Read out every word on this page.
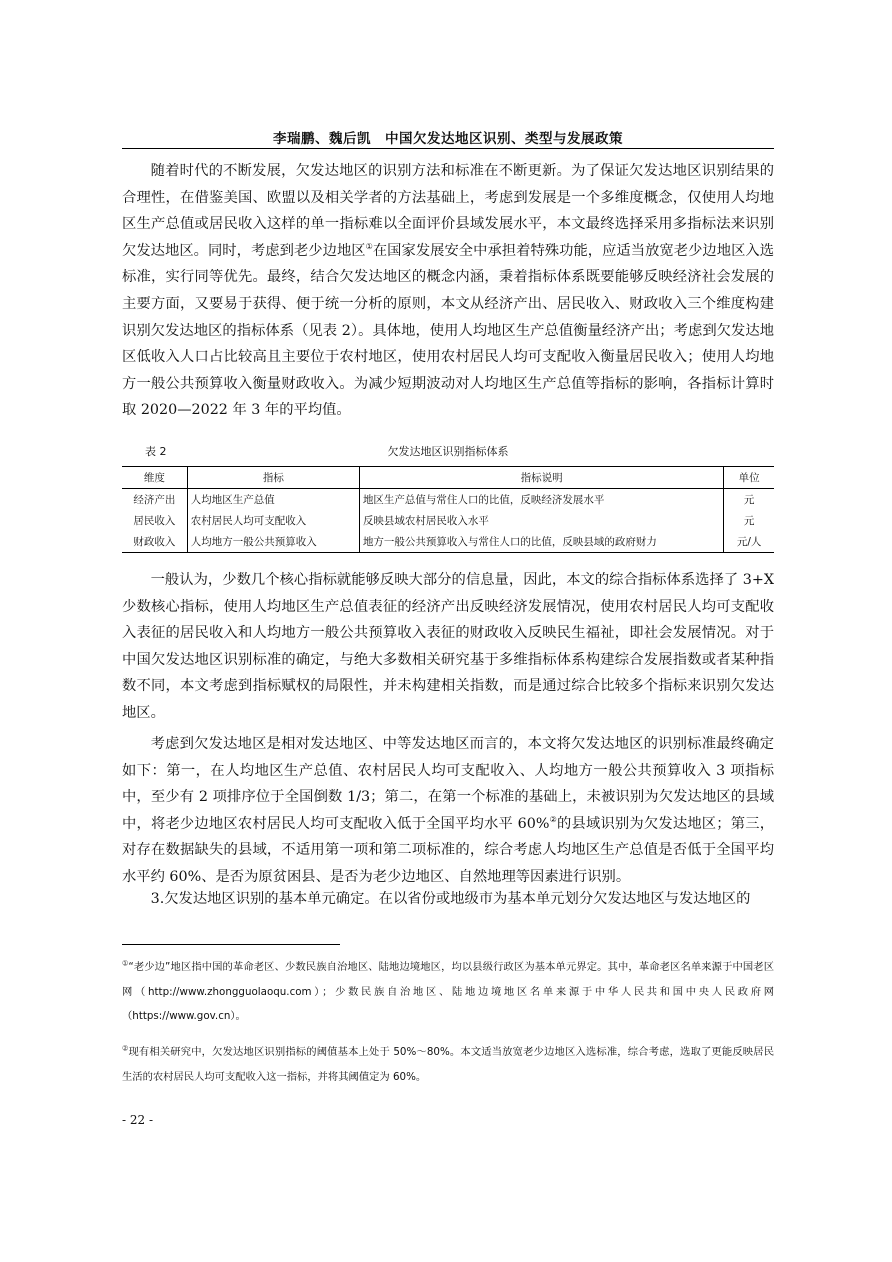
李瑞鹏、魏后凯　中国欠发达地区识别、类型与发展政策

随着时代的不断发展，欠发达地区的识别方法和标准在不断更新。为了保证欠发达地区识别结果的合理性，在借鉴美国、欧盟以及相关学者的方法基础上，考虑到发展是一个多维度概念，仅使用人均地区生产总值或居民收入这样的单一指标难以全面评价县域发展水平，本文最终选择采用多指标法来识别欠发达地区。同时，考虑到老少边地区①在国家发展安全中承担着特殊功能，应适当放宽老少边地区入选标准，实行同等优先。最终，结合欠发达地区的概念内涵，秉着指标体系既要能够反映经济社会发展的主要方面，又要易于获得、便于统一分析的原则，本文从经济产出、居民收入、财政收入三个维度构建识别欠发达地区的指标体系（见表 2）。具体地，使用人均地区生产总值衡量经济产出；考虑到欠发达地区低收入人口占比较高且主要位于农村地区，使用农村居民人均可支配收入衡量居民收入；使用人均地方一般公共预算收入衡量财政收入。为减少短期波动对人均地区生产总值等指标的影响，各指标计算时取 2020—2022 年 3 年的平均值。

表 2	欠发达地区识别指标体系
维度	指标	指标说明	单位
经济产出	人均地区生产总值	地区生产总值与常住人口的比值，反映经济发展水平	元
居民收入	农村居民人均可支配收入	反映县域农村居民收入水平	元
财政收入	人均地方一般公共预算收入	地方一般公共预算收入与常住人口的比值，反映县域的政府财力	元/人

一般认为，少数几个核心指标就能够反映大部分的信息量，因此，本文的综合指标体系选择了 3+X 少数核心指标，使用人均地区生产总值表征的经济产出反映经济发展情况，使用农村居民人均可支配收入表征的居民收入和人均地方一般公共预算收入表征的财政收入反映民生福祉，即社会发展情况。对于中国欠发达地区识别标准的确定，与绝大多数相关研究基于多维指标体系构建综合发展指数或者某种指数不同，本文考虑到指标赋权的局限性，并未构建相关指数，而是通过综合比较多个指标来识别欠发达地区。

考虑到欠发达地区是相对发达地区、中等发达地区而言的，本文将欠发达地区的识别标准最终确定如下：第一，在人均地区生产总值、农村居民人均可支配收入、人均地方一般公共预算收入 3 项指标中，至少有 2 项排序位于全国倒数 1/3；第二，在第一个标准的基础上，未被识别为欠发达地区的县域中，将老少边地区农村居民人均可支配收入低于全国平均水平 60%②的县域识别为欠发达地区；第三，对存在数据缺失的县域，不适用第一项和第二项标准的，综合考虑人均地区生产总值是否低于全国平均水平约 60%、是否为原贫困县、是否为老少边地区、自然地理等因素进行识别。

3.欠发达地区识别的基本单元确定。在以省份或地级市为基本单元划分欠发达地区与发达地区的

①“老少边”地区指中国的革命老区、少数民族自治地区、陆地边境地区，均以县级行政区为基本单元界定。其中，革命老区名单来源于中国老区网（http://www.zhongguolaoqu.com）；少数民族自治地区、陆地边境地区名单来源于中华人民共和国中央人民政府网（https://www.gov.cn）。

②现有相关研究中，欠发达地区识别指标的阈值基本上处于 50%～80%。本文适当放宽老少边地区入选标准，综合考虑，选取了更能反映居民生活的农村居民人均可支配收入这一指标，并将其阈值定为 60%。

- 22 -
